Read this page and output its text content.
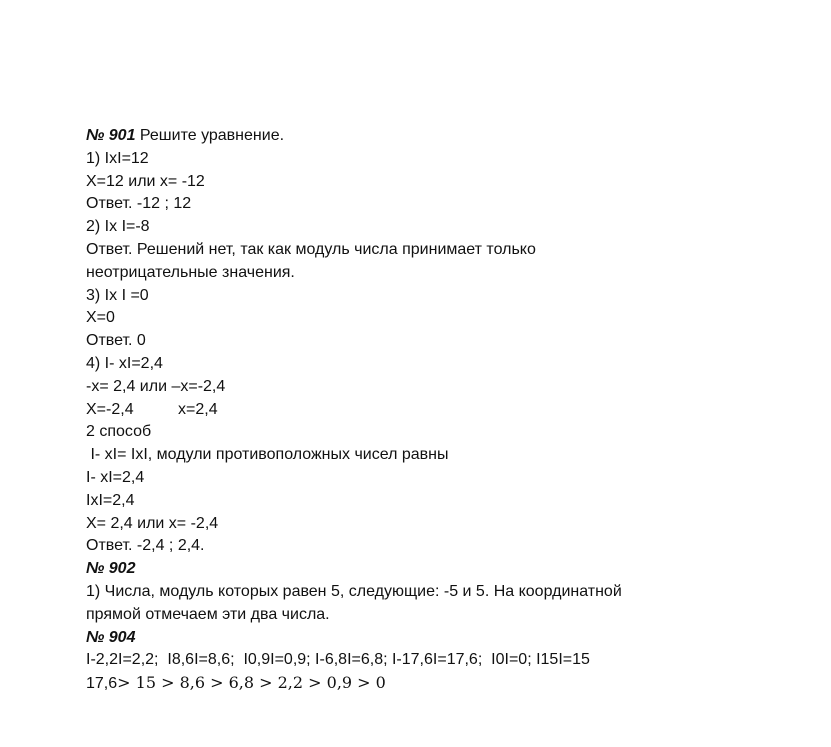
№ 901 Решите уравнение.

1) IxI=12

X=12 или x= -12

Ответ. -12 ; 12

2) Ix I=-8

Ответ. Решений нет, так как модуль числа принимает только

неотрицательные значения.

3) Ix I =0

X=0

Ответ. 0

4) I- xI=2,4

-x= 2,4 или –x=-2,4

X=-2,4          x=2,4

2 способ

I- xI= IxI, модули противоположных чисел равны

I- xI=2,4

IxI=2,4

X= 2,4 или x= -2,4

Ответ. -2,4 ; 2,4.

№ 902

1) Числа, модуль которых равен 5, следующие: -5 и 5. На координатной

прямой отмечаем эти два числа.

№ 904

I-2,2I=2,2;  I8,6I=8,6;  I0,9I=0,9; I-6,8I=6,8; I-17,6I=17,6;  I0I=0; I15I=15

17,6> 15 > 8,6 > 6,8 > 2,2 > 0,9 > 0
